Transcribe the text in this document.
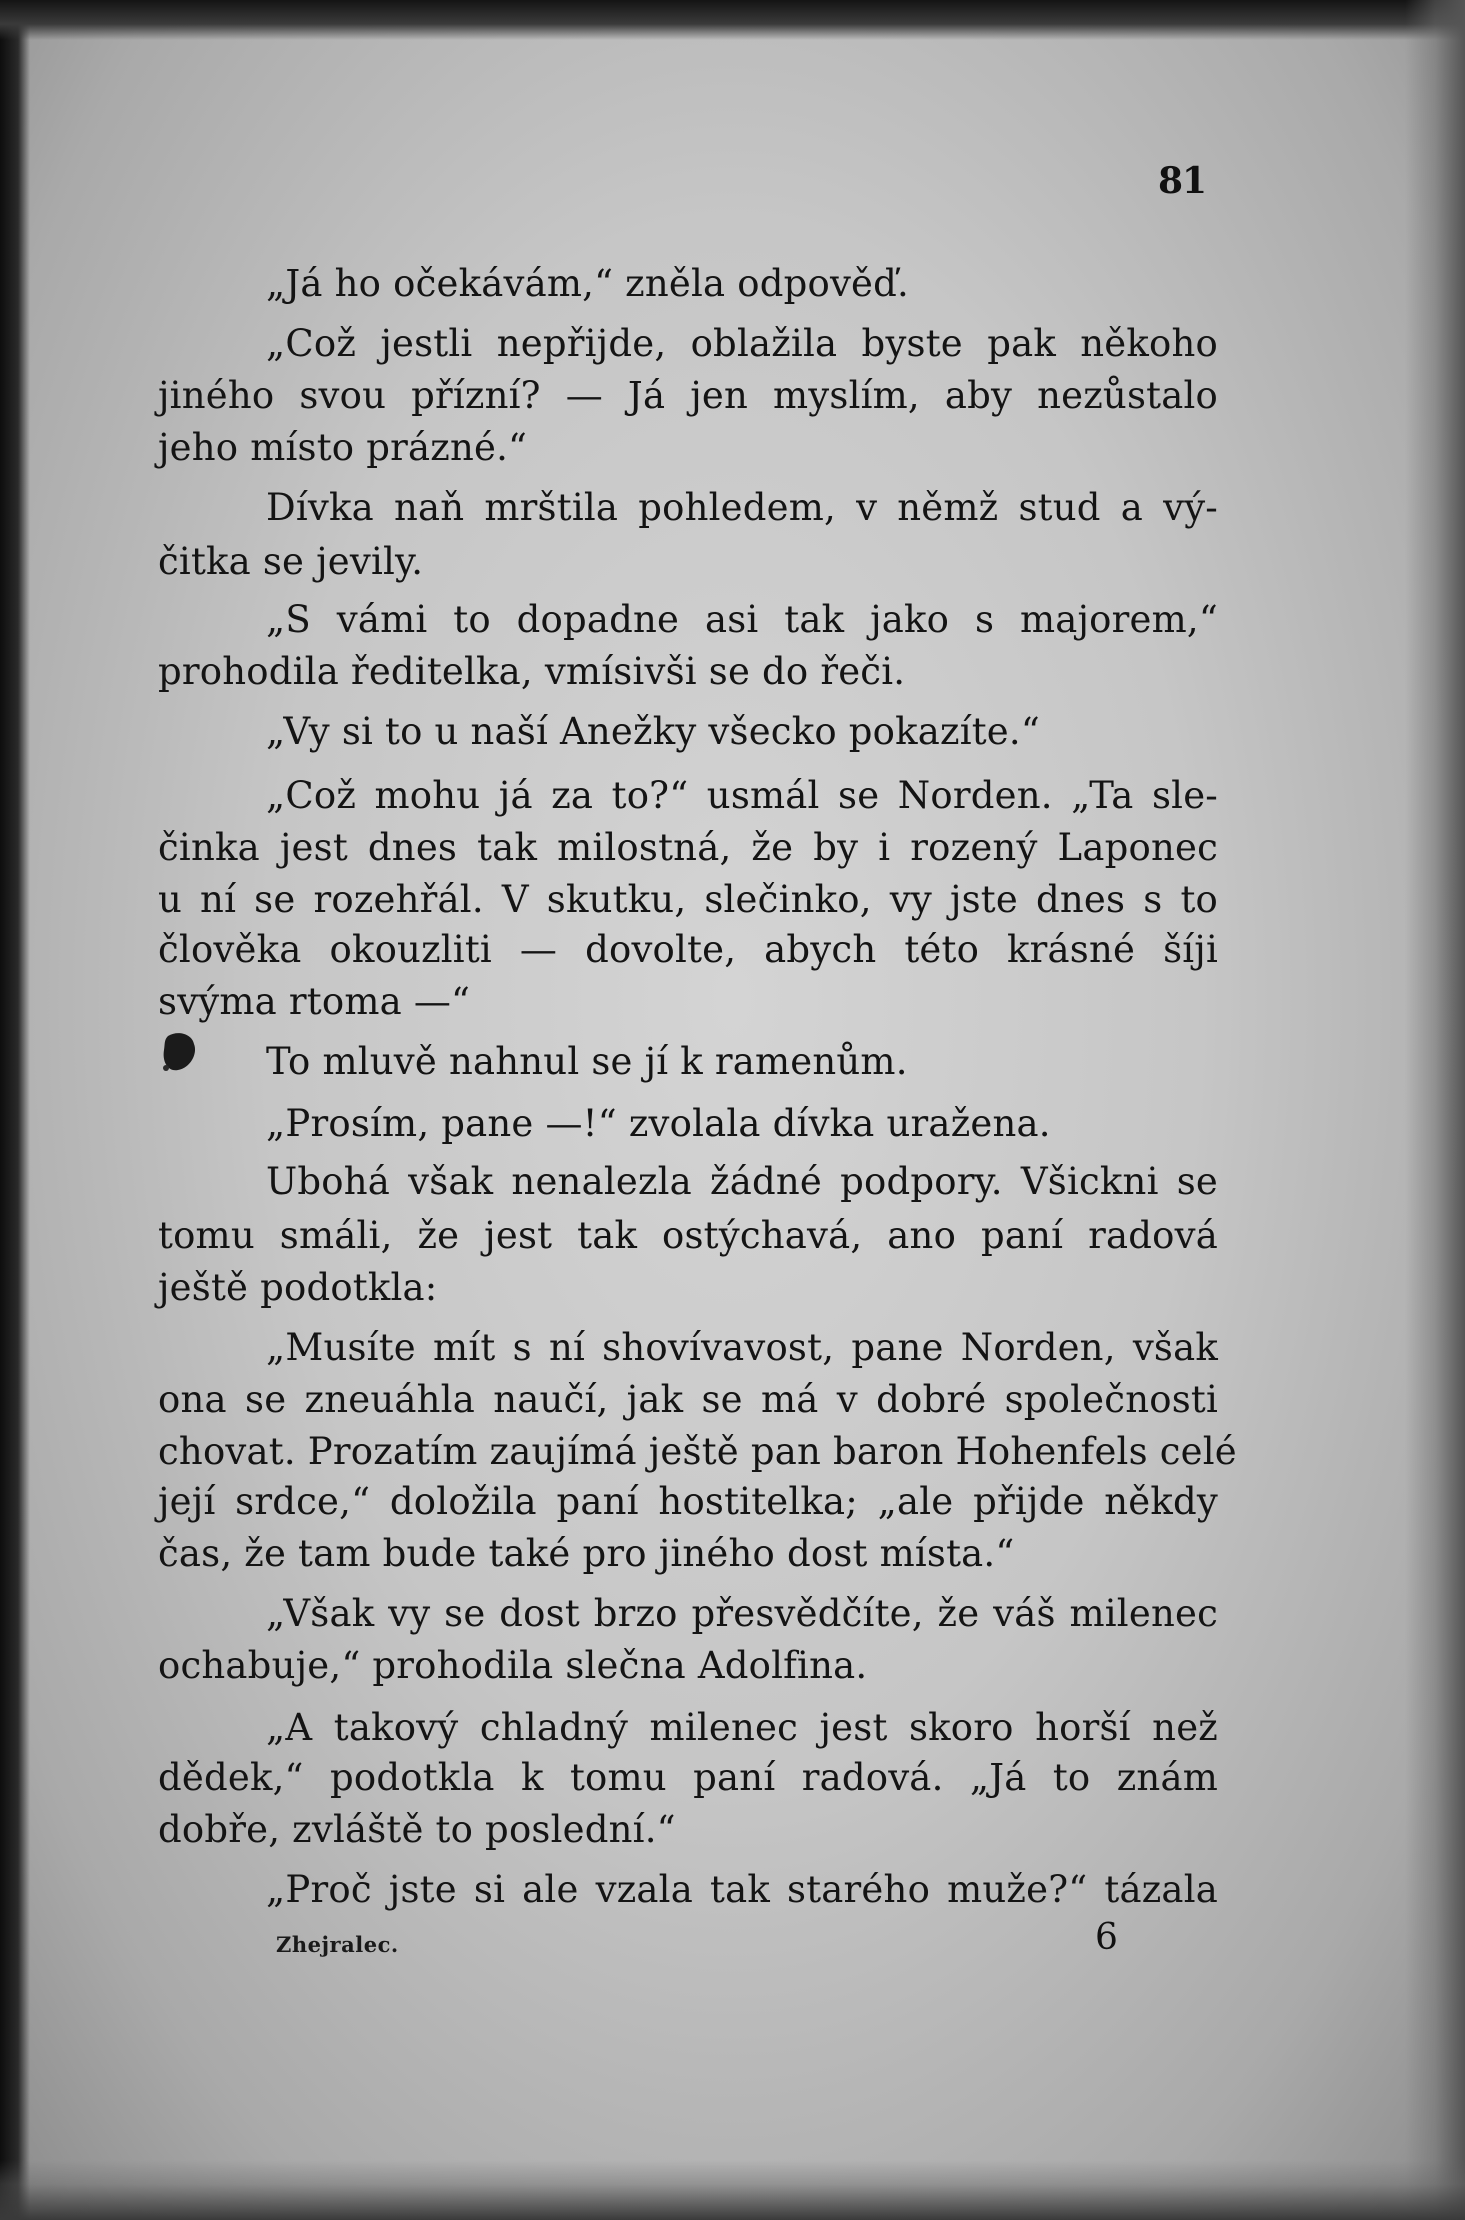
81
„Já ho očekávám,“ zněla odpověď.
„Což jestli nepřijde, oblažila byste pak někoho
jiného svou přízní? — Já jen myslím, aby nezůstalo
jeho místo prázné.“
Dívka naň mrštila pohledem, v němž stud a vý-
čitka se jevily.
„S vámi to dopadne asi tak jako s majorem,“
prohodila ředitelka, vmísivši se do řeči.
„Vy si to u naší Anežky všecko pokazíte.“
„Což mohu já za to?“ usmál se Norden. „Ta sle-
činka jest dnes tak milostná, že by i rozený Laponec
u ní se rozehřál. V skutku, slečinko, vy jste dnes s to
člověka okouzliti — dovolte, abych této krásné šíji
svýma rtoma —“
To mluvě nahnul se jí k ramenům.
„Prosím, pane —!“ zvolala dívka uražena.
Ubohá však nenalezla žádné podpory. Všickni se
tomu smáli, že jest tak ostýchavá, ano paní radová
ještě podotkla:
„Musíte mít s ní shovívavost, pane Norden, však
ona se zneuáhla naučí, jak se má v dobré společnosti
chovat. Prozatím zaujímá ještě pan baron Hohenfels celé
její srdce,“ doložila paní hostitelka; „ale přijde někdy
čas, že tam bude také pro jiného dost místa.“
„Však vy se dost brzo přesvědčíte, že váš milenec
ochabuje,“ prohodila slečna Adolfina.
„A takový chladný milenec jest skoro horší než
dědek,“ podotkla k tomu paní radová. „Já to znám
dobře, zvláště to poslední.“
„Proč jste si ale vzala tak starého muže?“ tázala
Zhejralec.	6
